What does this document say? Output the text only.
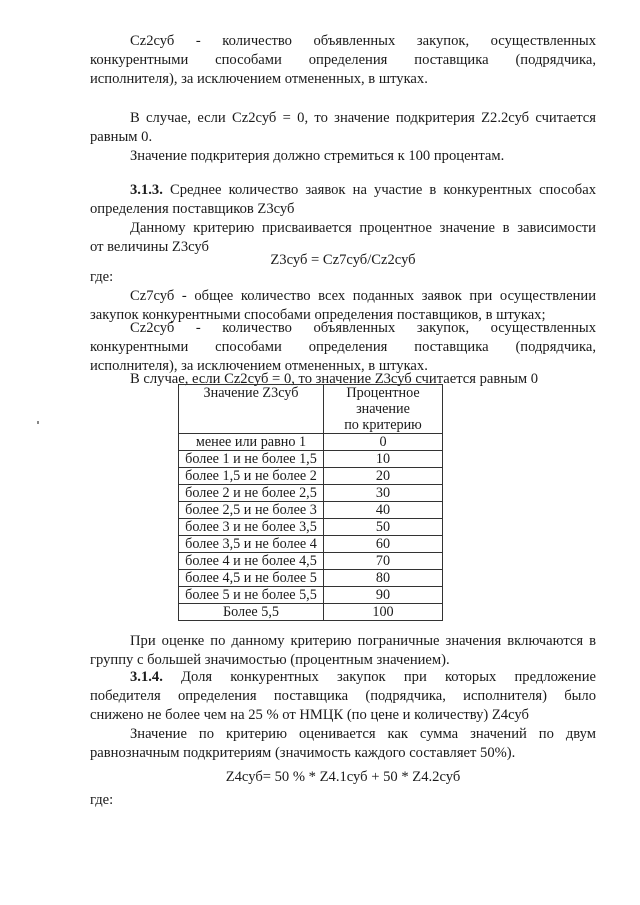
Cz2суб - количество объявленных закупок, осуществленных
конкурентными способами определения поставщика (подрядчика,
исполнителя), за исключением отмененных, в штуках.
В случае, если Cz2суб = 0, то значение подкритерия Z2.2суб считается
равным 0.
Значение подкритерия должно стремиться к 100 процентам.
3.1.3. Среднее количество заявок на участие в конкурентных способах
определения поставщиков Z3суб
Данному критерию присваивается процентное значение в зависимости
от величины Z3суб
Z3суб = Cz7суб/Cz2суб
где:
Cz7суб - общее количество всех поданных заявок при осуществлении
закупок конкурентными способами определения поставщиков, в штуках;
Cz2суб - количество объявленных закупок, осуществленных
конкурентными способами определения поставщика (подрядчика,
исполнителя), за исключением отмененных, в штуках.
В случае, если Cz2суб = 0, то значение Z3суб считается равным 0
Значение Z3суб	Процентное значение
по критерию
менее или равно 1	0
более 1 и не более 1,5	10
более 1,5 и не более 2	20
более 2 и не более 2,5	30
более 2,5 и не более 3	40
более 3 и не более 3,5	50
более 3,5 и не более 4	60
более 4 и не более 4,5	70
более 4,5 и не более 5	80
более 5 и не более 5,5	90
Более 5,5	100
При оценке по данному критерию пограничные значения включаются в
группу с большей значимостью (процентным значением).
3.1.4. Доля конкурентных закупок при которых предложение
победителя определения поставщика (подрядчика, исполнителя) было
снижено не более чем на 25 % от НМЦК (по цене и количеству) Z4суб
Значение по критерию оценивается как сумма значений по двум
равнозначным подкритериям (значимость каждого составляет 50%).
Z4суб= 50 % * Z4.1суб + 50 * Z4.2суб
где:
